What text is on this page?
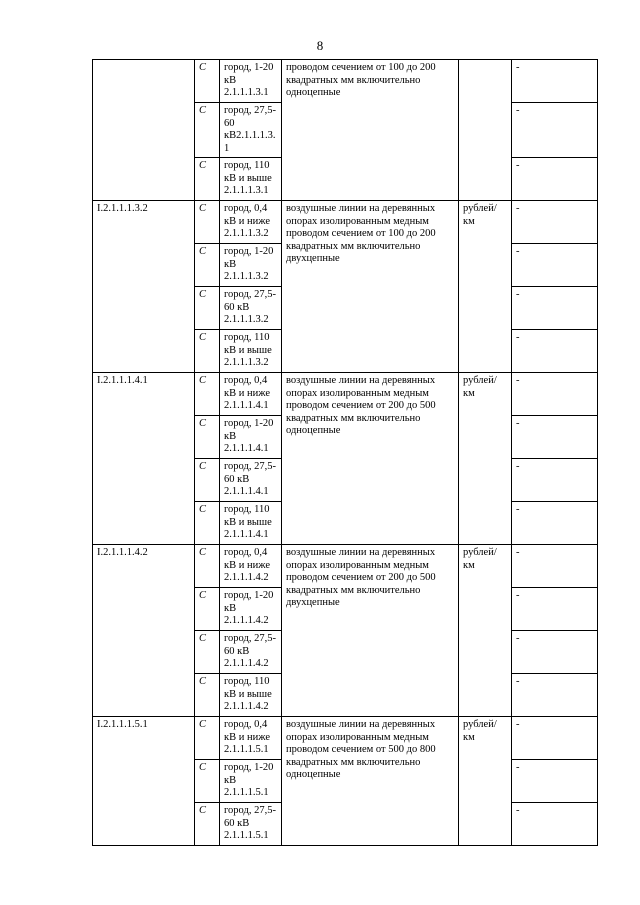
8
	С	город, 1-20 кВ 2.1.1.1.3.1	проводом сечением от 100 до 200 квадратных мм включительно одноцепные		-
	С	город, 27,5-60 кВ2.1.1.1.3.1			-
	С	город, 110 кВ и выше 2.1.1.1.3.1			-
I.2.1.1.1.3.2	С	город, 0,4 кВ и ниже 2.1.1.1.3.2	воздушные линии на деревянных опорах изолированным медным проводом сечением от 100 до 200 квадратных мм включительно двухцепные	рублей/км	-
	С	город, 1-20 кВ 2.1.1.1.3.2			-
	С	город, 27,5-60 кВ 2.1.1.1.3.2			-
	С	город, 110 кВ и выше 2.1.1.1.3.2			-
I.2.1.1.1.4.1	С	город, 0,4 кВ и ниже 2.1.1.1.4.1	воздушные линии на деревянных опорах изолированным медным проводом сечением от 200 до 500 квадратных мм включительно одноцепные	рублей/км	-
	С	город, 1-20 кВ 2.1.1.1.4.1			-
	С	город, 27,5-60 кВ 2.1.1.1.4.1			-
	С	город, 110 кВ и выше 2.1.1.1.4.1			-
I.2.1.1.1.4.2	С	город, 0,4 кВ и ниже 2.1.1.1.4.2	воздушные линии на деревянных опорах изолированным медным проводом сечением от 200 до 500 квадратных мм включительно двухцепные	рублей/км	-
	С	город, 1-20 кВ 2.1.1.1.4.2			-
	С	город, 27,5-60 кВ 2.1.1.1.4.2			-
	С	город, 110 кВ и выше 2.1.1.1.4.2			-
I.2.1.1.1.5.1	С	город, 0,4 кВ и ниже 2.1.1.1.5.1	воздушные линии на деревянных опорах изолированным медным проводом сечением от 500 до 800 квадратных мм включительно одноцепные	рублей/км	-
	С	город, 1-20 кВ 2.1.1.1.5.1			-
	С	город, 27,5-60 кВ 2.1.1.1.5.1			-
